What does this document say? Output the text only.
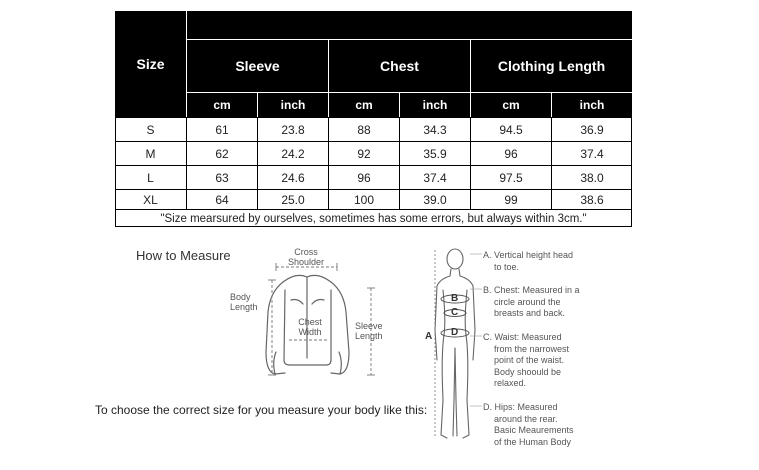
Size	Sleeve	Chest	Clothing Length
cm	inch	cm	inch	cm	inch
S	61	23.8	88	34.3	94.5	36.9
M	62	24.2	92	35.9	96	37.4
L	63	24.6	96	37.4	97.5	38.0
XL	64	25.0	100	39.0	99	38.6
"Size mearsured by ourselves, sometimes has some errors, but always within 3cm."
How to Measure	Cross
Shoulder
Body
Length
Chest
Width
Sleeve
Length
To choose the correct size for you measure your body like this:
A
B
C
D
A. Vertical height head
to toe.
B. Chest: Measured in a
circle around the
breasts and back.
C. Waist: Measured
from the narrowest
point of the waist.
Body shoould be
relaxed.
D. Hips: Measured
around the rear.
Basic Meaurements
of the Human Body
